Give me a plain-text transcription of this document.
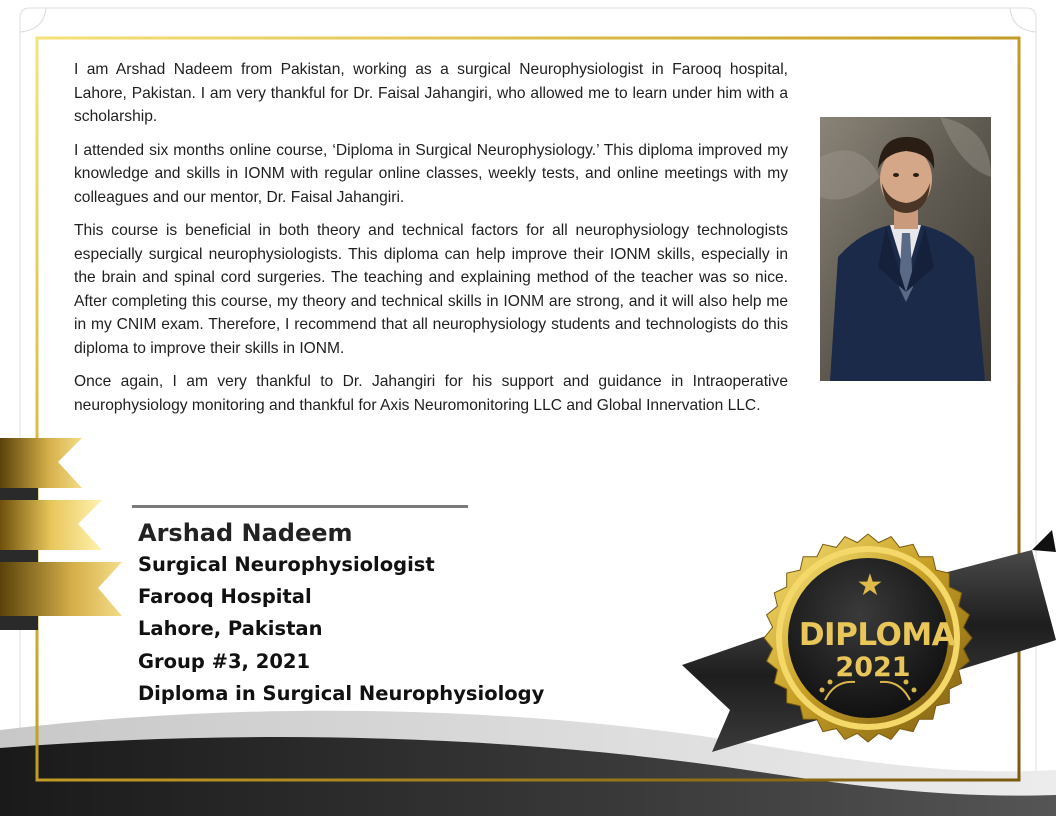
★
DIPLOMA
2021

I am Arshad Nadeem from Pakistan, working as a surgical Neurophysiologist in Farooq hospital, Lahore, Pakistan. I am very thankful for Dr. Faisal Jahangiri, who allowed me to learn under him with a scholarship.

I attended six months online course, ‘Diploma in Surgical Neurophysiology.’ This diploma improved my knowledge and skills in IONM with regular online classes, weekly tests, and online meetings with my colleagues and our mentor, Dr. Faisal Jahangiri.

This course is beneficial in both theory and technical factors for all neurophysiology technologists especially surgical neurophysiologists. This diploma can help improve their IONM skills, especially in the brain and spinal cord surgeries. The teaching and explaining method of the teacher was so nice. After completing this course, my theory and technical skills in IONM are strong, and it will also help me in my CNIM exam. Therefore, I recommend that all neurophysiology students and technologists do this diploma to improve their skills in IONM.

Once again, I am very thankful to Dr. Jahangiri for his support and guidance in Intraoperative neurophysiology monitoring and thankful for Axis Neuromonitoring LLC and Global Innervation LLC.

Arshad Nadeem
Surgical Neurophysiologist
Farooq Hospital
Lahore, Pakistan
Group #3, 2021
Diploma in Surgical Neurophysiology
